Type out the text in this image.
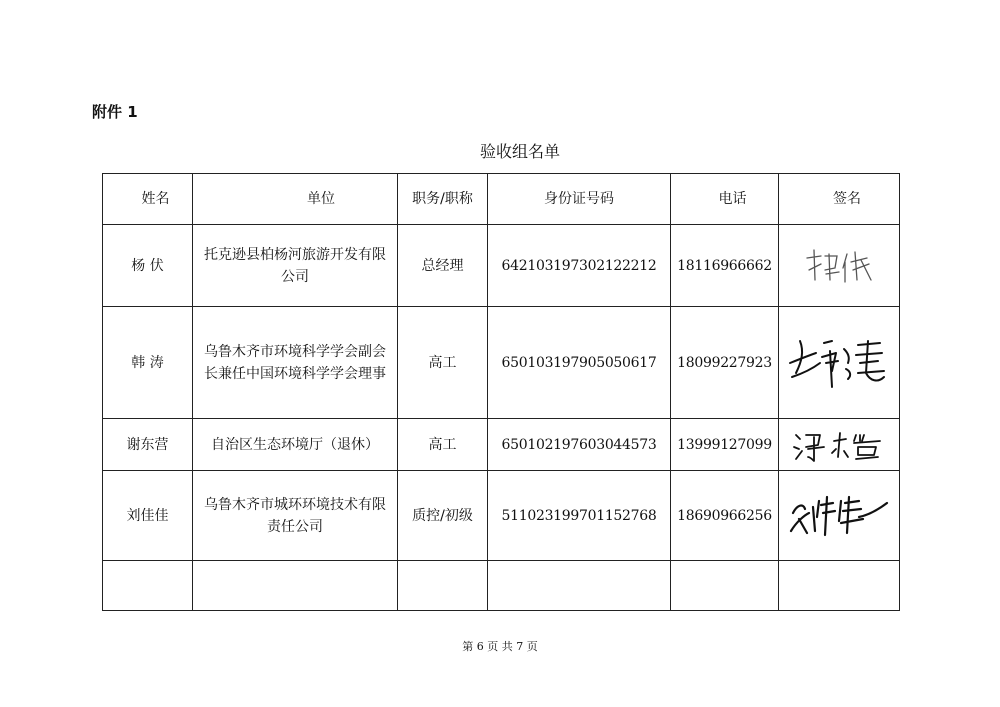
附件 1
验收组名单
姓名	单位	职务/职称	身份证号码	电话	签名
杨 伏	托克逊县柏杨河旅游开发有限公司	总经理	642103197302122212	18116966662	

韩 涛	乌鲁木齐市环境科学学会副会长兼任中国环境科学学会理事	高工	650103197905050617	18099227923	

谢东营	自治区生态环境厅（退休）	高工	650102197603044573	13999127099	

刘佳佳	乌鲁木齐市城环环境技术有限责任公司	质控/初级	511023199701152768	18690966256	

第 6 页 共 7 页
